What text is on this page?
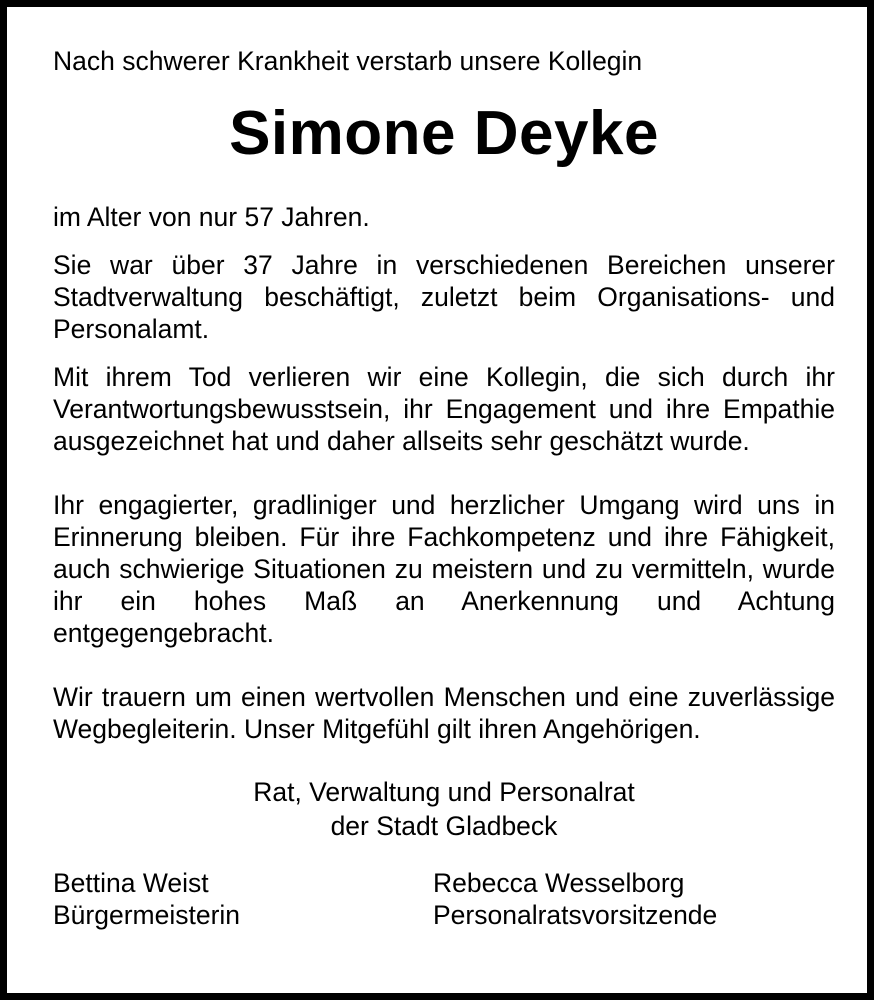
Nach schwerer Krankheit verstarb unsere Kollegin

Simone Deyke

im Alter von nur 57 Jahren.

Sie war über 37 Jahre in verschiedenen Bereichen unserer Stadtverwaltung beschäftigt, zuletzt beim Organisations- und Personalamt.

Mit ihrem Tod verlieren wir eine Kollegin, die sich durch ihr Verantwortungsbewusstsein, ihr Engagement und ihre Empathie ausgezeichnet hat und daher allseits sehr geschätzt wurde.

Ihr engagierter, gradliniger und herzlicher Umgang wird uns in Erinnerung bleiben. Für ihre Fachkompetenz und ihre Fähigkeit, auch schwierige Situationen zu meistern und zu vermitteln, wurde ihr ein hohes Maß an Anerkennung und Achtung entgegengebracht.

Wir trauern um einen wertvollen Menschen und eine zuverlässige Wegbegleiterin. Unser Mitgefühl gilt ihren Angehörigen.

Rat, Verwaltung und Personalrat
der Stadt Gladbeck
Bettina Weist
Bürgermeisterin
Rebecca Wesselborg
Personalratsvorsitzende
